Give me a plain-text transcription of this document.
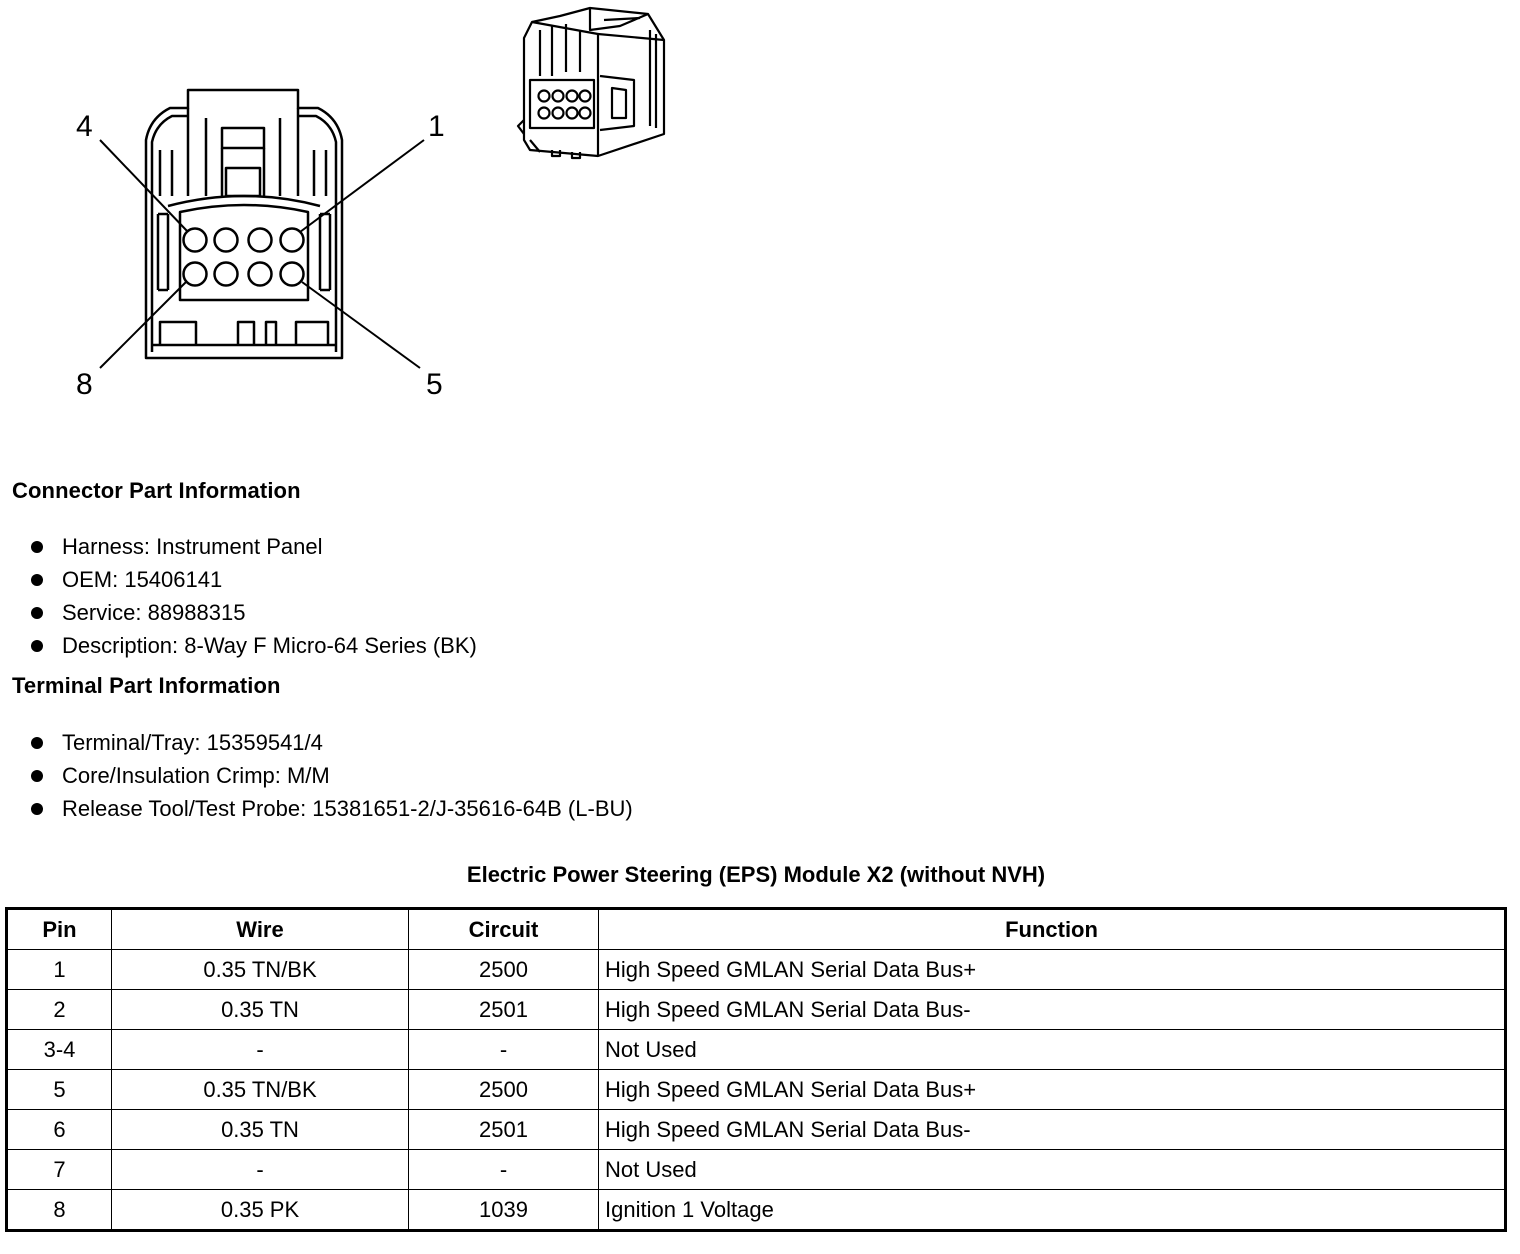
4	1
8	5
Connector Part Information
Harness: Instrument Panel
OEM: 15406141
Service: 88988315
Description: 8-Way F Micro-64 Series (BK)
Terminal Part Information
Terminal/Tray: 15359541/4
Core/Insulation Crimp: M/M
Release Tool/Test Probe: 15381651-2/J-35616-64B (L-BU)
Electric Power Steering (EPS) Module X2 (without NVH)
Pin	Wire	Circuit	Function
1	0.35 TN/BK	2500	High Speed GMLAN Serial Data Bus+
2	0.35 TN	2501	High Speed GMLAN Serial Data Bus-
3-4	-	-	Not Used
5	0.35 TN/BK	2500	High Speed GMLAN Serial Data Bus+
6	0.35 TN	2501	High Speed GMLAN Serial Data Bus-
7	-	-	Not Used
8	0.35 PK	1039	Ignition 1 Voltage
